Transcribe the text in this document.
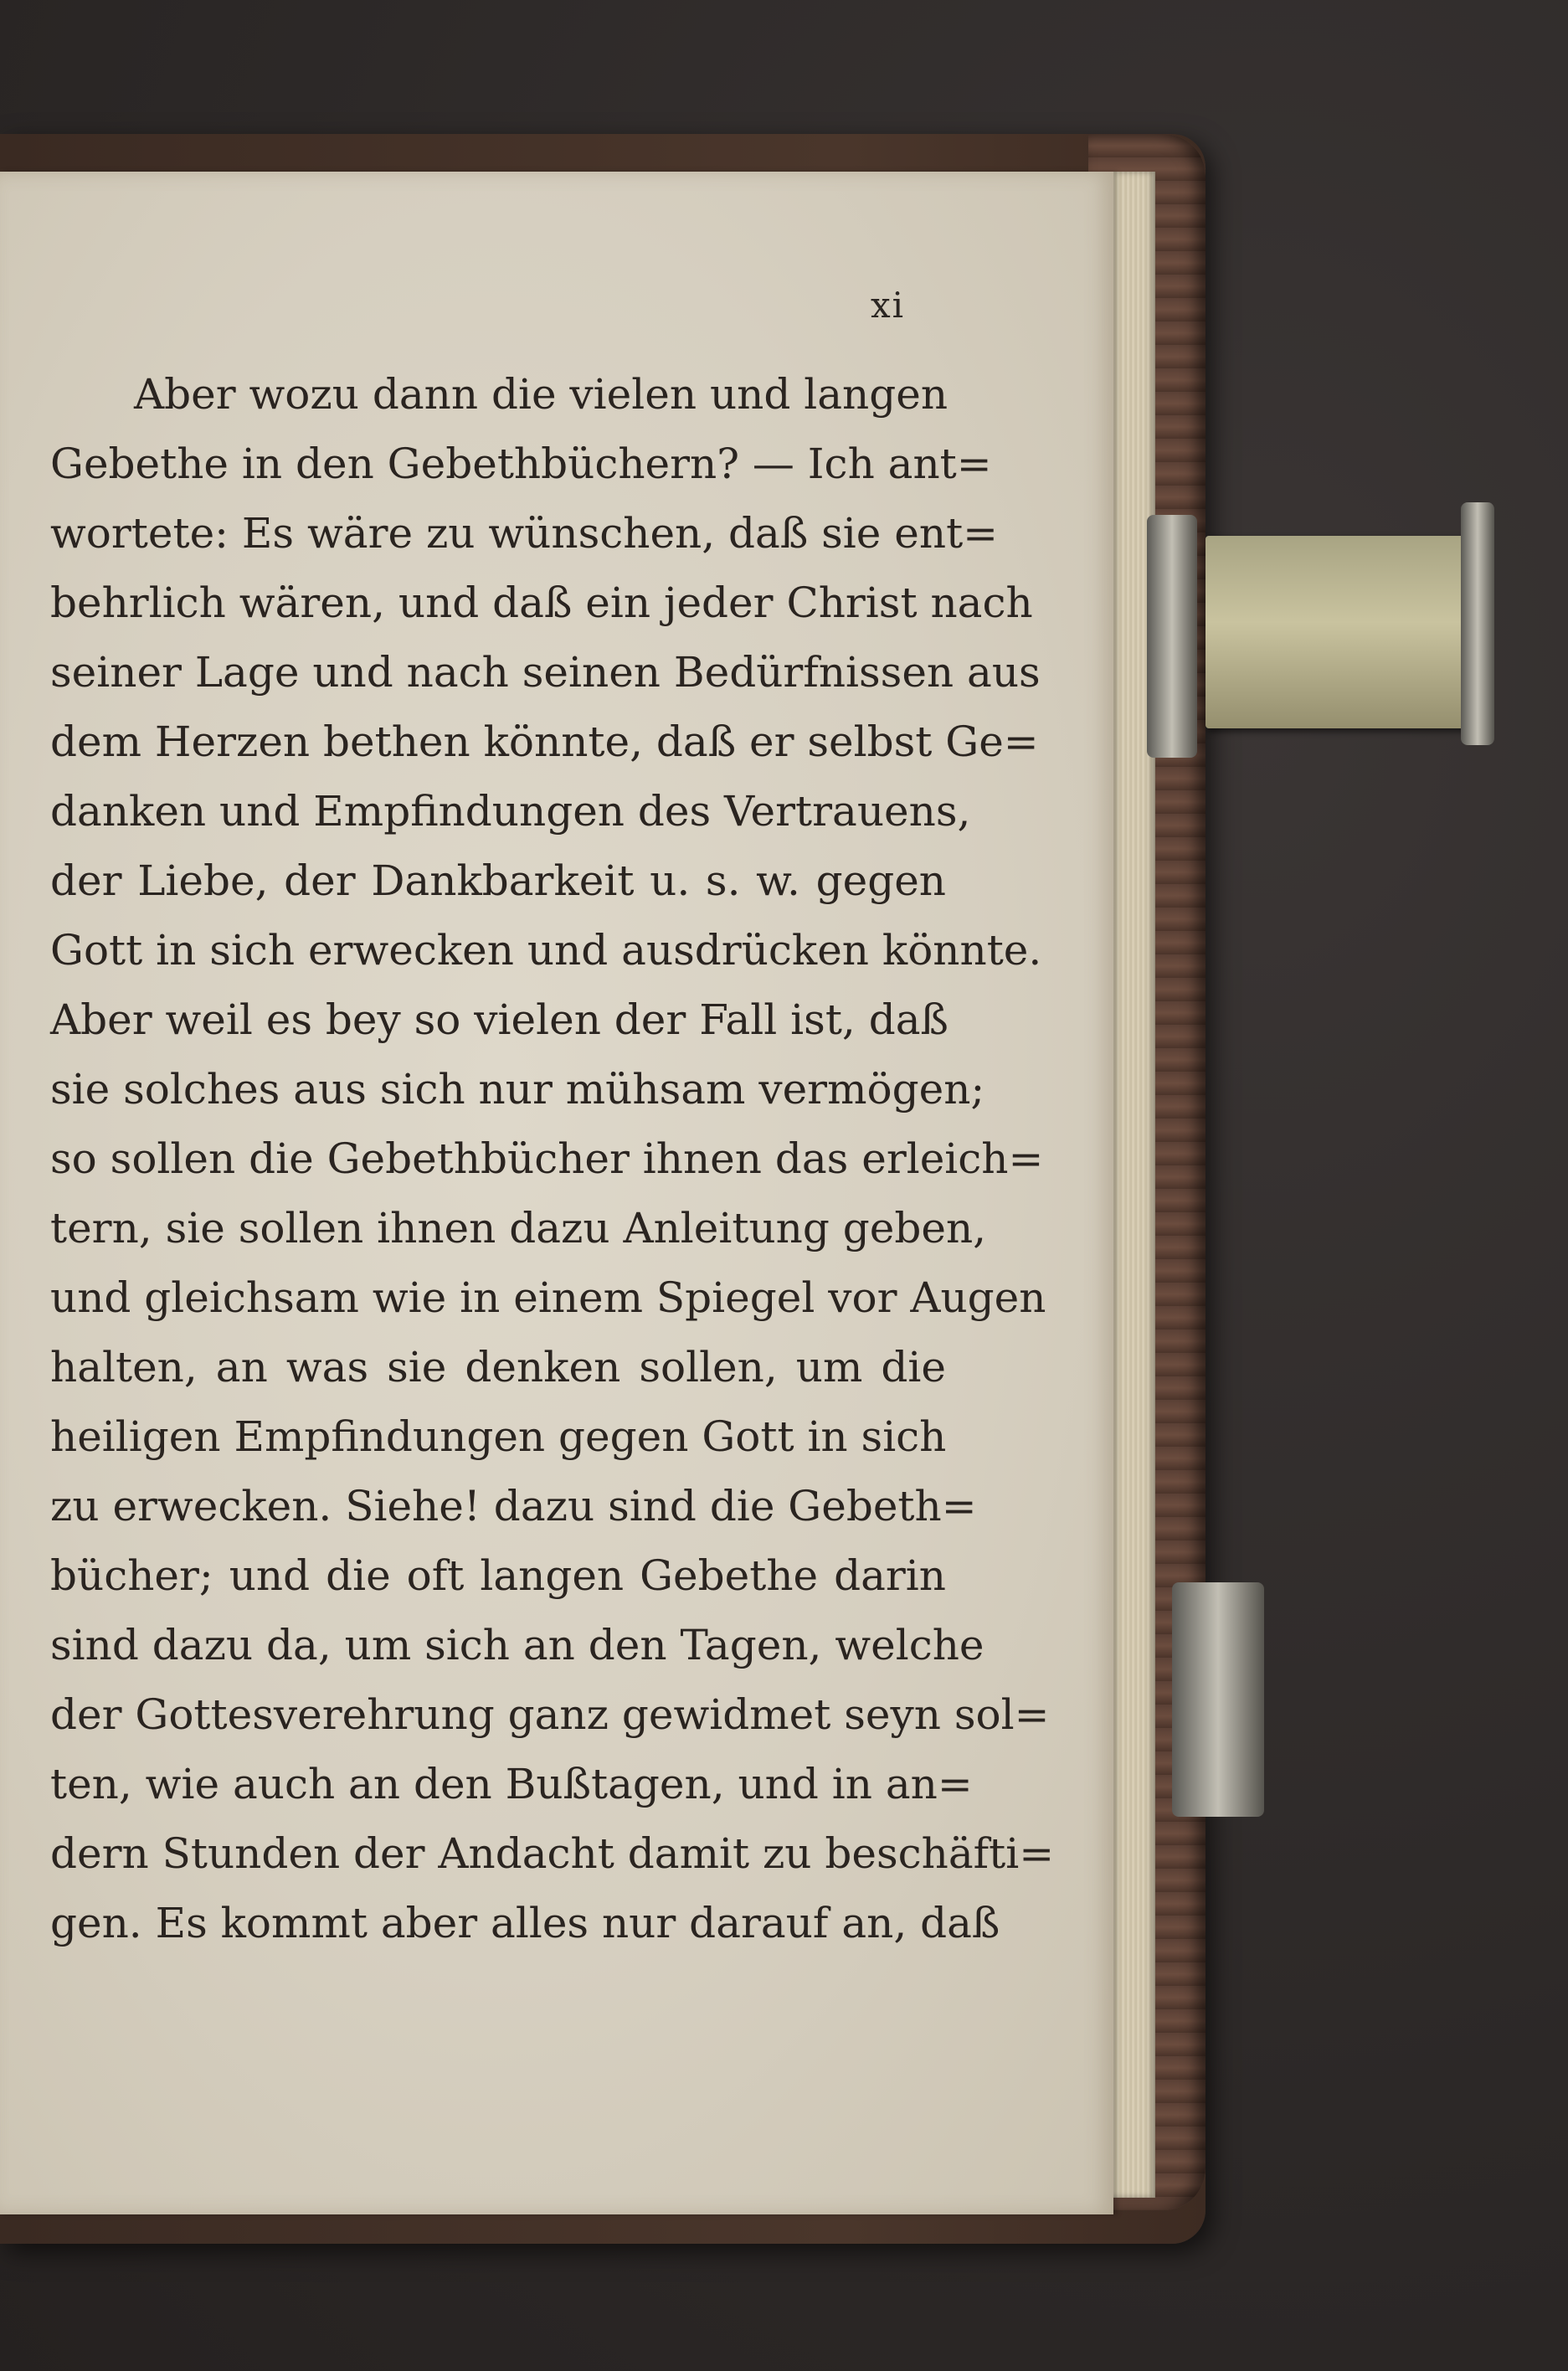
xi
Aber wozu dann die vielen und langen
Gebethe in den Gebethbüchern? — Ich ant=
wortete: Es wäre zu wünschen, daß sie ent=
behrlich wären, und daß ein jeder Christ nach
seiner Lage und nach seinen Bedürfnissen aus
dem Herzen bethen könnte, daß er selbst Ge=
danken und Empfindungen des Vertrauens,
der Liebe, der Dankbarkeit u. s. w. gegen
Gott in sich erwecken und ausdrücken könnte.
Aber weil es bey so vielen der Fall ist, daß
sie solches aus sich nur mühsam vermögen;
so sollen die Gebethbücher ihnen das erleich=
tern, sie sollen ihnen dazu Anleitung geben,
und gleichsam wie in einem Spiegel vor Augen
halten, an was sie denken sollen, um die
heiligen Empfindungen gegen Gott in sich
zu erwecken. Siehe! dazu sind die Gebeth=
bücher; und die oft langen Gebethe darin
sind dazu da, um sich an den Tagen, welche
der Gottesverehrung ganz gewidmet seyn sol=
ten, wie auch an den Bußtagen, und in an=
dern Stunden der Andacht damit zu beschäfti=
gen. Es kommt aber alles nur darauf an, daß
